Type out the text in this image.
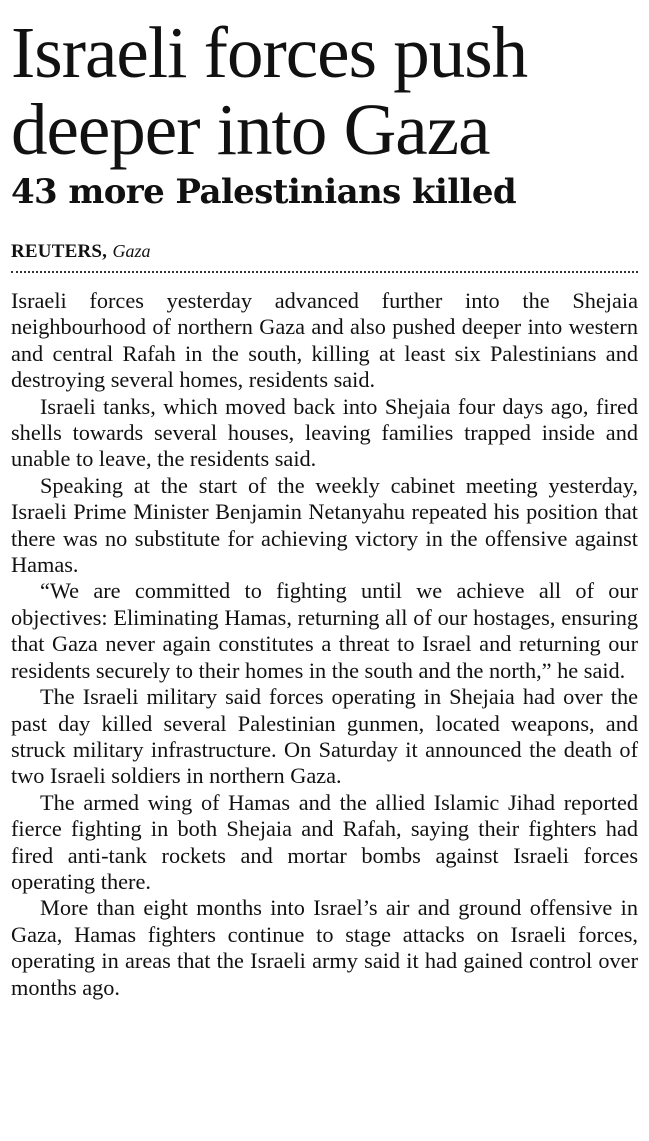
Israeli forces push deeper into Gaza
43 more Palestinians killed
REUTERS, Gaza

Israeli forces yesterday advanced further into the Shejaia neighbourhood of northern Gaza and also pushed deeper into western and central Rafah in the south, killing at least six Palestinians and destroying several homes, residents said.

Israeli tanks, which moved back into Shejaia four days ago, fired shells towards several houses, leaving families trapped inside and unable to leave, the residents said.

Speaking at the start of the weekly cabinet meeting yesterday, Israeli Prime Minister Benjamin Netanyahu repeated his position that there was no substitute for achieving victory in the offensive against Hamas.

“We are committed to fighting until we achieve all of our objectives: Eliminating Hamas, returning all of our hostages, ensuring that Gaza never again constitutes a threat to Israel and returning our residents securely to their homes in the south and the north,” he said.

The Israeli military said forces operating in Shejaia had over the past day killed several Palestinian gunmen, located weapons, and struck military infrastructure. On Saturday it announced the death of two Israeli soldiers in northern Gaza.

The armed wing of Hamas and the allied Islamic Jihad reported fierce fighting in both Shejaia and Rafah, saying their fighters had fired anti-tank rockets and mortar bombs against Israeli forces operating there.

More than eight months into Israel’s air and ground offensive in Gaza, Hamas fighters continue to stage attacks on Israeli forces, operating in areas that the Israeli army said it had gained control over months ago.
